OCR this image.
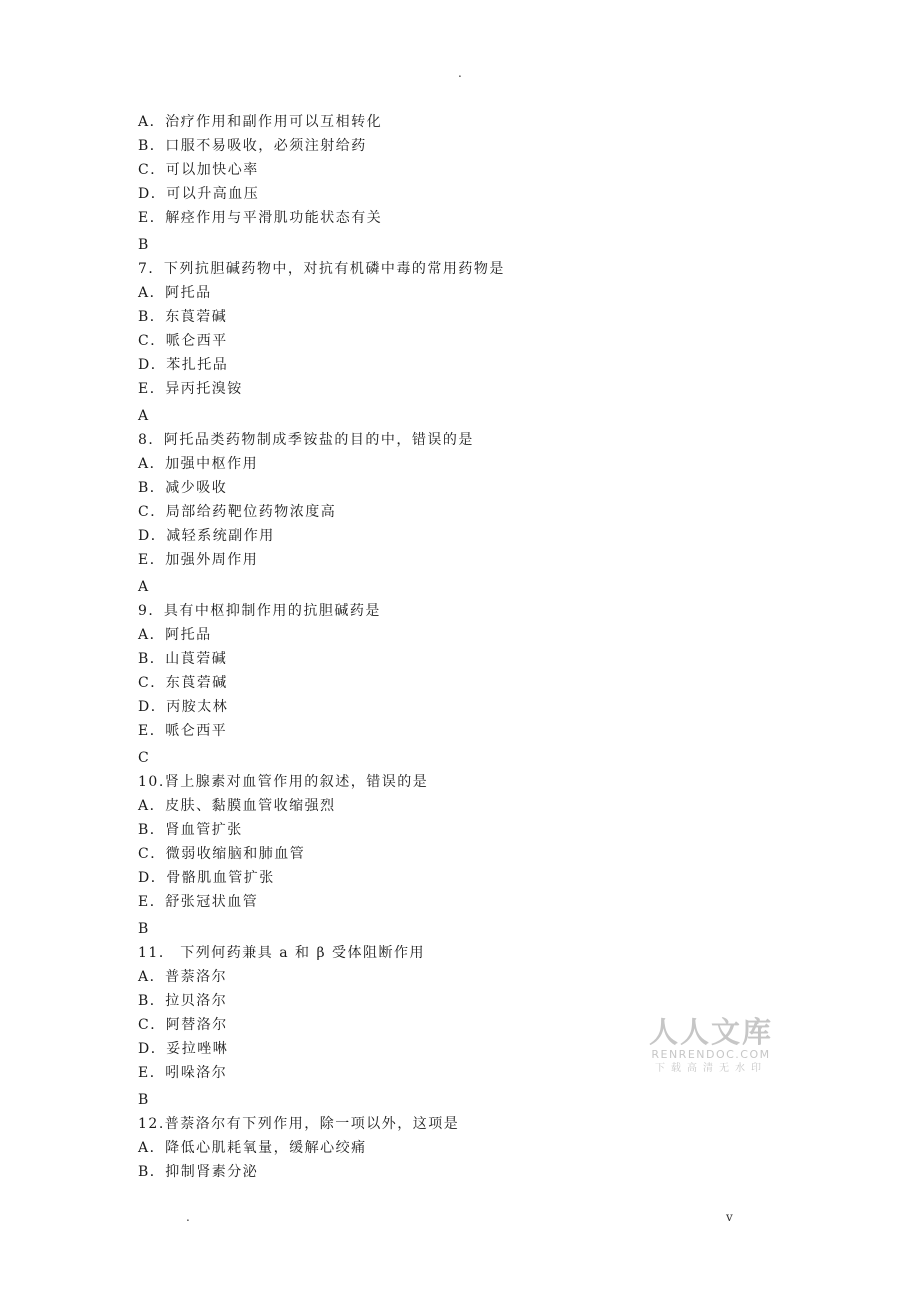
.
A．治疗作用和副作用可以互相转化
B．口服不易吸收，必须注射给药
C．可以加快心率
D．可以升高血压
E．解痉作用与平滑肌功能状态有关
B
7．下列抗胆碱药物中，对抗有机磷中毒的常用药物是
A．阿托品
B．东莨菪碱
C．哌仑西平
D．苯扎托品
E．异丙托溴铵
A
8．阿托品类药物制成季铵盐的目的中，错误的是
A．加强中枢作用
B．减少吸收
C．局部给药靶位药物浓度高
D．减轻系统副作用
E．加强外周作用
A
9．具有中枢抑制作用的抗胆碱药是
A．阿托品
B．山莨菪碱
C．东莨菪碱
D．丙胺太林
E．哌仑西平
C
10.肾上腺素对血管作用的叙述，错误的是
A．皮肤、黏膜血管收缩强烈
B．肾血管扩张
C．微弱收缩脑和肺血管
D．骨骼肌血管扩张
E．舒张冠状血管
B
11． 下列何药兼具 a 和 β 受体阻断作用
A．普萘洛尔
B．拉贝洛尔
C．阿替洛尔
D．妥拉唑啉
E．吲哚洛尔
B
12.普萘洛尔有下列作用，除一项以外，这项是
A．降低心肌耗氧量，缓解心绞痛
B．抑制肾素分泌
人人文库
RENRENDOC.COM
下载高清无水印
.	v
